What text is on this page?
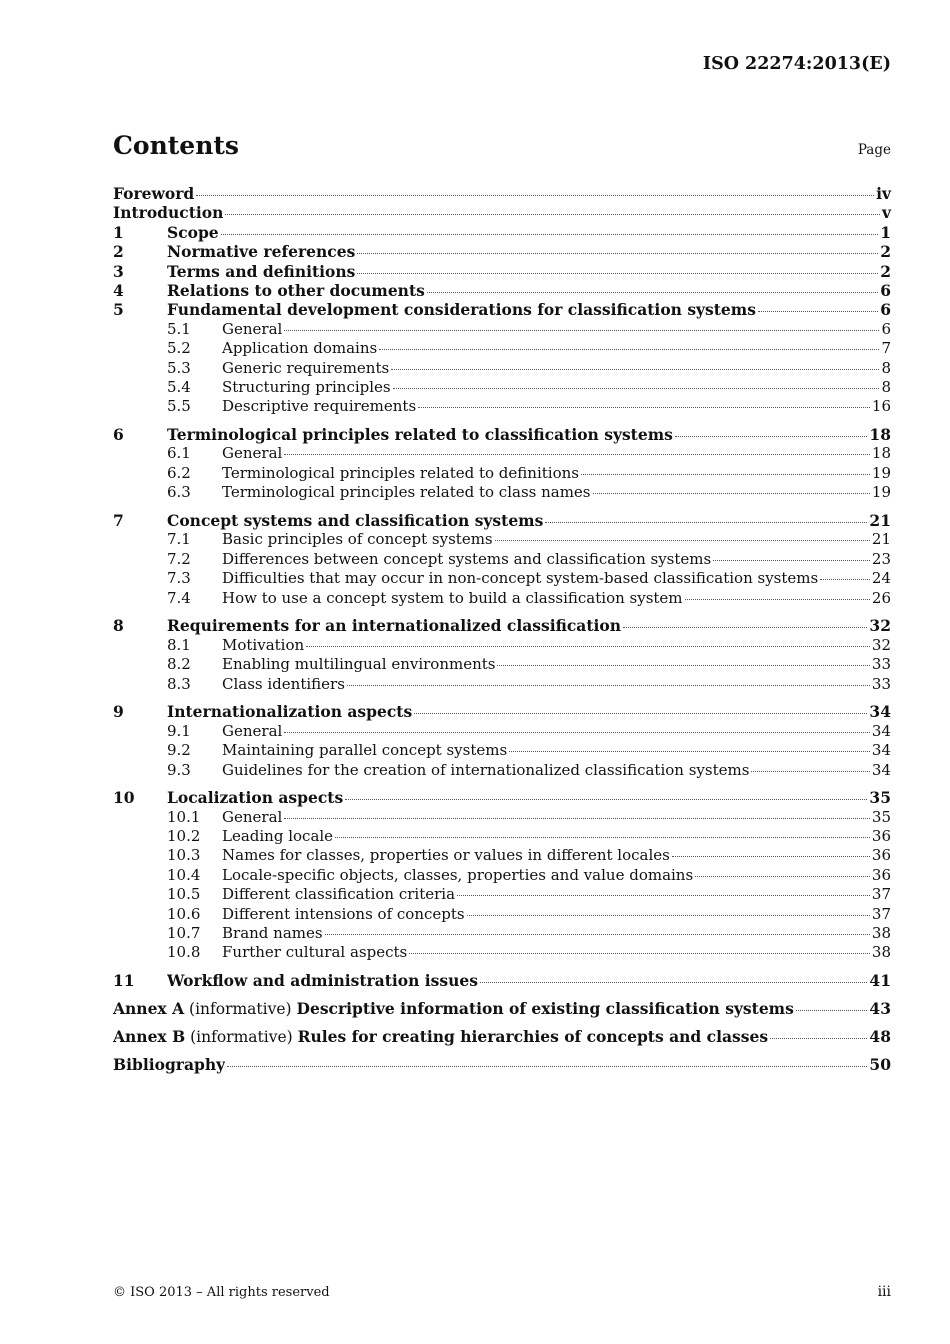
ISO 22274:2013(E)
Contents	Page
Foreword	iv
Introduction	v
1	Scope	1
2	Normative references	2
3	Terms and definitions	2
4	Relations to other documents	6
5	Fundamental development considerations for classification systems	6
5.1	General	6
5.2	Application domains	7
5.3	Generic requirements	8
5.4	Structuring principles	8
5.5	Descriptive requirements	16
6	Terminological principles related to classification systems	18
6.1	General	18
6.2	Terminological principles related to definitions	19
6.3	Terminological principles related to class names	19
7	Concept systems and classification systems	21
7.1	Basic principles of concept systems	21
7.2	Differences between concept systems and classification systems	23
7.3	Difficulties that may occur in non-concept system-based classification systems	24
7.4	How to use a concept system to build a classification system	26
8	Requirements for an internationalized classification	32
8.1	Motivation	32
8.2	Enabling multilingual environments	33
8.3	Class identifiers	33
9	Internationalization aspects	34
9.1	General	34
9.2	Maintaining parallel concept systems	34
9.3	Guidelines for the creation of internationalized classification systems	34
10	Localization aspects	35
10.1	General	35
10.2	Leading locale	36
10.3	Names for classes, properties or values in different locales	36
10.4	Locale-specific objects, classes, properties and value domains	36
10.5	Different classification criteria	37
10.6	Different intensions of concepts	37
10.7	Brand names	38
10.8	Further cultural aspects	38
11	Workflow and administration issues	41
Annex A (informative) Descriptive information of existing classification systems	43
Annex B (informative) Rules for creating hierarchies of concepts and classes	48
Bibliography	50
© ISO 2013 – All rights reserved	iii
